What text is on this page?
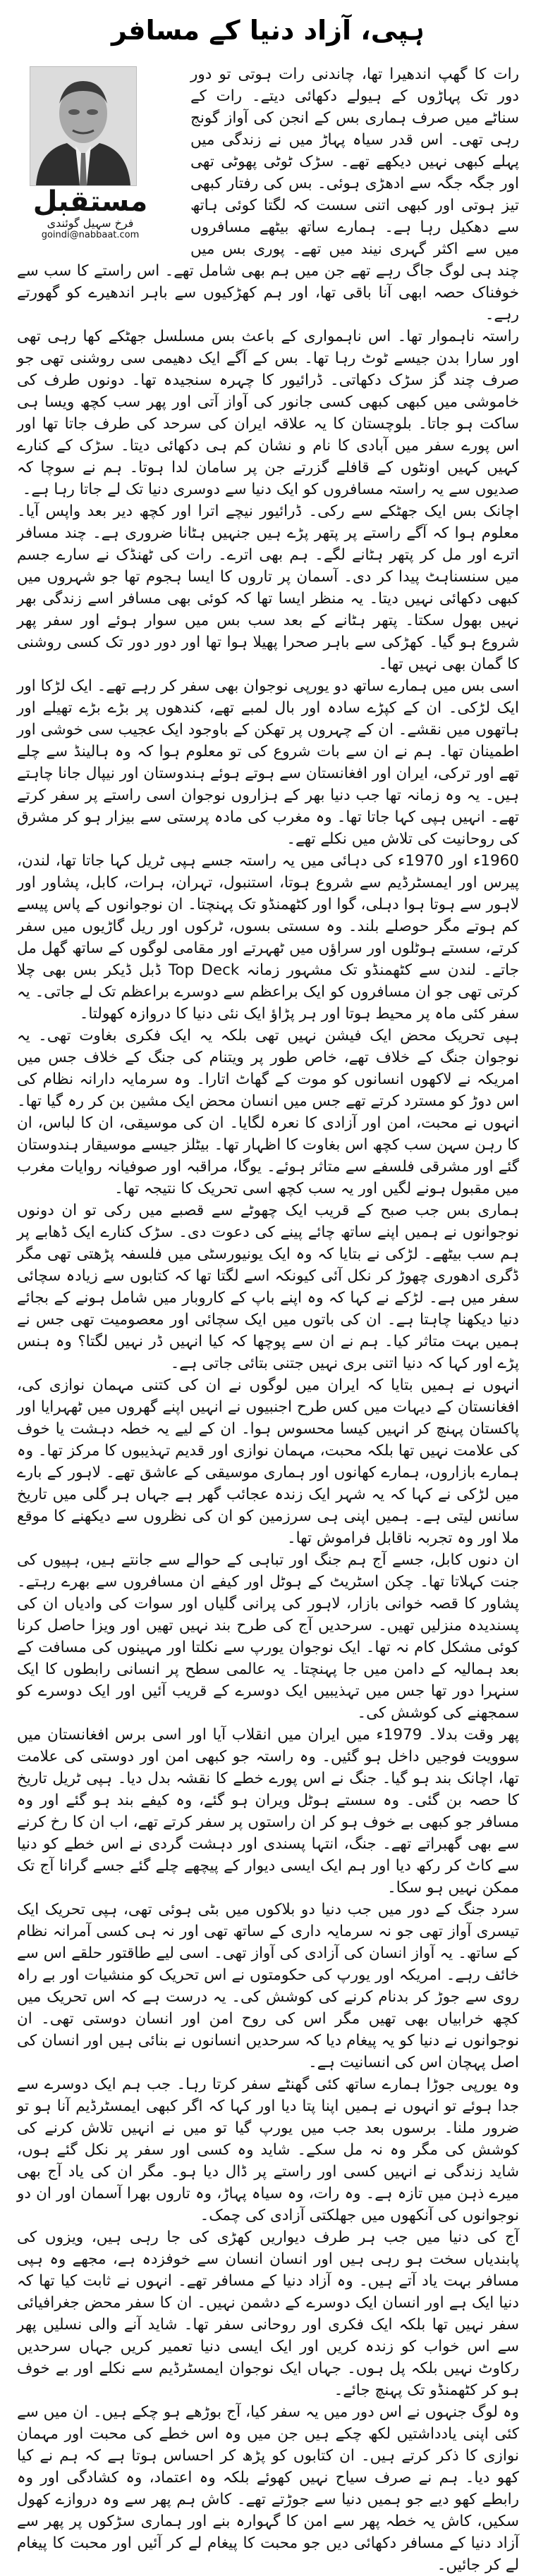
ہپی، آزاد دنیا کے مسافر
مستقبل
فرخ سہیل گوئندی
goindi@nabbaat.com

رات کا گھپ اندھیرا تھا، چاندنی رات ہوتی تو دور دور تک پہاڑوں کے ہیولے دکھائی دیتے۔ رات کے سناٹے میں صرف ہماری بس کے انجن کی آواز گونج رہی تھی۔ اس قدر سیاہ پہاڑ میں نے زندگی میں پہلے کبھی نہیں دیکھے تھے۔ سڑک ٹوٹی پھوٹی تھی اور جگہ جگہ سے ادھڑی ہوئی۔ بس کی رفتار کبھی تیز ہوتی اور کبھی اتنی سست کہ لگتا کوئی ہاتھ سے دھکیل رہا ہے۔ ہمارے ساتھ بیٹھے مسافروں میں سے اکثر گہری نیند میں تھے۔ پوری بس میں چند ہی لوگ جاگ رہے تھے جن میں ہم بھی شامل تھے۔ اس راستے کا سب سے خوفناک حصہ ابھی آنا باقی تھا، اور ہم کھڑکیوں سے باہر اندھیرے کو گھورتے رہے۔

راستہ ناہموار تھا۔ اس ناہمواری کے باعث بس مسلسل جھٹکے کھا رہی تھی اور سارا بدن جیسے ٹوٹ رہا تھا۔ بس کے آگے ایک دھیمی سی روشنی تھی جو صرف چند گز سڑک دکھاتی۔ ڈرائیور کا چہرہ سنجیدہ تھا۔ دونوں طرف کی خاموشی میں کبھی کبھی کسی جانور کی آواز آتی اور پھر سب کچھ ویسا ہی ساکت ہو جاتا۔ بلوچستان کا یہ علاقہ ایران کی سرحد کی طرف جاتا تھا اور اس پورے سفر میں آبادی کا نام و نشان کم ہی دکھائی دیتا۔ سڑک کے کنارے کہیں کہیں اونٹوں کے قافلے گزرتے جن پر سامان لدا ہوتا۔ ہم نے سوچا کہ صدیوں سے یہ راستہ مسافروں کو ایک دنیا سے دوسری دنیا تک لے جاتا رہا ہے۔

اچانک بس ایک جھٹکے سے رکی۔ ڈرائیور نیچے اترا اور کچھ دیر بعد واپس آیا۔ معلوم ہوا کہ آگے راستے پر پتھر پڑے ہیں جنہیں ہٹانا ضروری ہے۔ چند مسافر اترے اور مل کر پتھر ہٹانے لگے۔ ہم بھی اترے۔ رات کی ٹھنڈک نے سارے جسم میں سنسناہٹ پیدا کر دی۔ آسمان پر تاروں کا ایسا ہجوم تھا جو شہروں میں کبھی دکھائی نہیں دیتا۔ یہ منظر ایسا تھا کہ کوئی بھی مسافر اسے زندگی بھر نہیں بھول سکتا۔ پتھر ہٹانے کے بعد سب بس میں سوار ہوئے اور سفر پھر شروع ہو گیا۔ کھڑکی سے باہر صحرا پھیلا ہوا تھا اور دور دور تک کسی روشنی کا گمان بھی نہیں تھا۔

اسی بس میں ہمارے ساتھ دو یورپی نوجوان بھی سفر کر رہے تھے۔ ایک لڑکا اور ایک لڑکی۔ ان کے کپڑے سادہ اور بال لمبے تھے، کندھوں پر بڑے بڑے تھیلے اور ہاتھوں میں نقشے۔ ان کے چہروں پر تھکن کے باوجود ایک عجیب سی خوشی اور اطمینان تھا۔ ہم نے ان سے بات شروع کی تو معلوم ہوا کہ وہ ہالینڈ سے چلے تھے اور ترکی، ایران اور افغانستان سے ہوتے ہوئے ہندوستان اور نیپال جانا چاہتے ہیں۔ یہ وہ زمانہ تھا جب دنیا بھر کے ہزاروں نوجوان اسی راستے پر سفر کرتے تھے۔ انہیں ہپی کہا جاتا تھا۔ وہ مغرب کی مادہ پرستی سے بیزار ہو کر مشرق کی روحانیت کی تلاش میں نکلے تھے۔

1960ء اور 1970ء کی دہائی میں یہ راستہ جسے ہپی ٹریل کہا جاتا تھا، لندن، پیرس اور ایمسٹرڈیم سے شروع ہوتا، استنبول، تہران، ہرات، کابل، پشاور اور لاہور سے ہوتا ہوا دہلی، گوا اور کٹھمنڈو تک پہنچتا۔ ان نوجوانوں کے پاس پیسے کم ہوتے مگر حوصلے بلند۔ وہ سستی بسوں، ٹرکوں اور ریل گاڑیوں میں سفر کرتے، سستے ہوٹلوں اور سراؤں میں ٹھہرتے اور مقامی لوگوں کے ساتھ گھل مل جاتے۔ لندن سے کٹھمنڈو تک مشہور زمانہ Top Deck ڈبل ڈیکر بس بھی چلا کرتی تھی جو ان مسافروں کو ایک براعظم سے دوسرے براعظم تک لے جاتی۔ یہ سفر کئی ماہ پر محیط ہوتا اور ہر پڑاؤ ایک نئی دنیا کا دروازہ کھولتا۔

ہپی تحریک محض ایک فیشن نہیں تھی بلکہ یہ ایک فکری بغاوت تھی۔ یہ نوجوان جنگ کے خلاف تھے، خاص طور پر ویتنام کی جنگ کے خلاف جس میں امریکہ نے لاکھوں انسانوں کو موت کے گھاٹ اتارا۔ وہ سرمایہ دارانہ نظام کی اس دوڑ کو مسترد کرتے تھے جس میں انسان محض ایک مشین بن کر رہ گیا تھا۔ انہوں نے محبت، امن اور آزادی کا نعرہ لگایا۔ ان کی موسیقی، ان کا لباس، ان کا رہن سہن سب کچھ اس بغاوت کا اظہار تھا۔ بیٹلز جیسے موسیقار ہندوستان گئے اور مشرقی فلسفے سے متاثر ہوئے۔ یوگا، مراقبہ اور صوفیانہ روایات مغرب میں مقبول ہونے لگیں اور یہ سب کچھ اسی تحریک کا نتیجہ تھا۔

ہماری بس جب صبح کے قریب ایک چھوٹے سے قصبے میں رکی تو ان دونوں نوجوانوں نے ہمیں اپنے ساتھ چائے پینے کی دعوت دی۔ سڑک کنارے ایک ڈھابے پر ہم سب بیٹھے۔ لڑکی نے بتایا کہ وہ ایک یونیورسٹی میں فلسفہ پڑھتی تھی مگر ڈگری ادھوری چھوڑ کر نکل آئی کیونکہ اسے لگتا تھا کہ کتابوں سے زیادہ سچائی سفر میں ہے۔ لڑکے نے کہا کہ وہ اپنے باپ کے کاروبار میں شامل ہونے کے بجائے دنیا دیکھنا چاہتا ہے۔ ان کی باتوں میں ایک سچائی اور معصومیت تھی جس نے ہمیں بہت متاثر کیا۔ ہم نے ان سے پوچھا کہ کیا انہیں ڈر نہیں لگتا؟ وہ ہنس پڑے اور کہا کہ دنیا اتنی بری نہیں جتنی بتائی جاتی ہے۔

انہوں نے ہمیں بتایا کہ ایران میں لوگوں نے ان کی کتنی مہمان نوازی کی، افغانستان کے دیہات میں کس طرح اجنبیوں نے انہیں اپنے گھروں میں ٹھہرایا اور پاکستان پہنچ کر انہیں کیسا محسوس ہوا۔ ان کے لیے یہ خطہ دہشت یا خوف کی علامت نہیں تھا بلکہ محبت، مہمان نوازی اور قدیم تہذیبوں کا مرکز تھا۔ وہ ہمارے بازاروں، ہمارے کھانوں اور ہماری موسیقی کے عاشق تھے۔ لاہور کے بارے میں لڑکی نے کہا کہ یہ شہر ایک زندہ عجائب گھر ہے جہاں ہر گلی میں تاریخ سانس لیتی ہے۔ ہمیں اپنی ہی سرزمین کو ان کی نظروں سے دیکھنے کا موقع ملا اور وہ تجربہ ناقابل فراموش تھا۔

ان دنوں کابل، جسے آج ہم جنگ اور تباہی کے حوالے سے جانتے ہیں، ہپیوں کی جنت کہلاتا تھا۔ چکن اسٹریٹ کے ہوٹل اور کیفے ان مسافروں سے بھرے رہتے۔ پشاور کا قصہ خوانی بازار، لاہور کی پرانی گلیاں اور سوات کی وادیاں ان کی پسندیدہ منزلیں تھیں۔ سرحدیں آج کی طرح بند نہیں تھیں اور ویزا حاصل کرنا کوئی مشکل کام نہ تھا۔ ایک نوجوان یورپ سے نکلتا اور مہینوں کی مسافت کے بعد ہمالیہ کے دامن میں جا پہنچتا۔ یہ عالمی سطح پر انسانی رابطوں کا ایک سنہرا دور تھا جس میں تہذیبیں ایک دوسرے کے قریب آئیں اور ایک دوسرے کو سمجھنے کی کوشش کی۔

پھر وقت بدلا۔ 1979ء میں ایران میں انقلاب آیا اور اسی برس افغانستان میں سوویت فوجیں داخل ہو گئیں۔ وہ راستہ جو کبھی امن اور دوستی کی علامت تھا، اچانک بند ہو گیا۔ جنگ نے اس پورے خطے کا نقشہ بدل دیا۔ ہپی ٹریل تاریخ کا حصہ بن گئی۔ وہ سستے ہوٹل ویران ہو گئے، وہ کیفے بند ہو گئے اور وہ مسافر جو کبھی بے خوف ہو کر ان راستوں پر سفر کرتے تھے، اب ان کا رخ کرنے سے بھی گھبراتے تھے۔ جنگ، انتہا پسندی اور دہشت گردی نے اس خطے کو دنیا سے کاٹ کر رکھ دیا اور ہم ایک ایسی دیوار کے پیچھے چلے گئے جسے گرانا آج تک ممکن نہیں ہو سکا۔

سرد جنگ کے دور میں جب دنیا دو بلاکوں میں بٹی ہوئی تھی، ہپی تحریک ایک تیسری آواز تھی جو نہ سرمایہ داری کے ساتھ تھی اور نہ ہی کسی آمرانہ نظام کے ساتھ۔ یہ آواز انسان کی آزادی کی آواز تھی۔ اسی لیے طاقتور حلقے اس سے خائف رہے۔ امریکہ اور یورپ کی حکومتوں نے اس تحریک کو منشیات اور بے راہ روی سے جوڑ کر بدنام کرنے کی کوشش کی۔ یہ درست ہے کہ اس تحریک میں کچھ خرابیاں بھی تھیں مگر اس کی روح امن اور انسان دوستی تھی۔ ان نوجوانوں نے دنیا کو یہ پیغام دیا کہ سرحدیں انسانوں نے بنائی ہیں اور انسان کی اصل پہچان اس کی انسانیت ہے۔

وہ یورپی جوڑا ہمارے ساتھ کئی گھنٹے سفر کرتا رہا۔ جب ہم ایک دوسرے سے جدا ہوئے تو انہوں نے ہمیں اپنا پتا دیا اور کہا کہ اگر کبھی ایمسٹرڈیم آنا ہو تو ضرور ملنا۔ برسوں بعد جب میں یورپ گیا تو میں نے انہیں تلاش کرنے کی کوشش کی مگر وہ نہ مل سکے۔ شاید وہ کسی اور سفر پر نکل گئے ہوں، شاید زندگی نے انہیں کسی اور راستے پر ڈال دیا ہو۔ مگر ان کی یاد آج بھی میرے ذہن میں تازہ ہے۔ وہ رات، وہ سیاہ پہاڑ، وہ تاروں بھرا آسمان اور ان دو نوجوانوں کی آنکھوں میں جھلکتی آزادی کی چمک۔

آج کی دنیا میں جب ہر طرف دیواریں کھڑی کی جا رہی ہیں، ویزوں کی پابندیاں سخت ہو رہی ہیں اور انسان انسان سے خوفزدہ ہے، مجھے وہ ہپی مسافر بہت یاد آتے ہیں۔ وہ آزاد دنیا کے مسافر تھے۔ انہوں نے ثابت کیا تھا کہ دنیا ایک ہے اور انسان ایک دوسرے کے دشمن نہیں۔ ان کا سفر محض جغرافیائی سفر نہیں تھا بلکہ ایک فکری اور روحانی سفر تھا۔ شاید آنے والی نسلیں پھر سے اس خواب کو زندہ کریں اور ایک ایسی دنیا تعمیر کریں جہاں سرحدیں رکاوٹ نہیں بلکہ پل ہوں۔ جہاں ایک نوجوان ایمسٹرڈیم سے نکلے اور بے خوف ہو کر کٹھمنڈو تک پہنچ جائے۔

وہ لوگ جنہوں نے اس دور میں یہ سفر کیا، آج بوڑھے ہو چکے ہیں۔ ان میں سے کئی اپنی یادداشتیں لکھ چکے ہیں جن میں وہ اس خطے کی محبت اور مہمان نوازی کا ذکر کرتے ہیں۔ ان کتابوں کو پڑھ کر احساس ہوتا ہے کہ ہم نے کیا کھو دیا۔ ہم نے صرف سیاح نہیں کھوئے بلکہ وہ اعتماد، وہ کشادگی اور وہ رابطے کھو دیے جو ہمیں دنیا سے جوڑتے تھے۔ کاش ہم پھر سے وہ دروازے کھول سکیں، کاش یہ خطہ پھر سے امن کا گہوارہ بنے اور ہماری سڑکوں پر پھر سے آزاد دنیا کے مسافر دکھائی دیں جو محبت کا پیغام لے کر آئیں اور محبت کا پیغام لے کر جائیں۔
